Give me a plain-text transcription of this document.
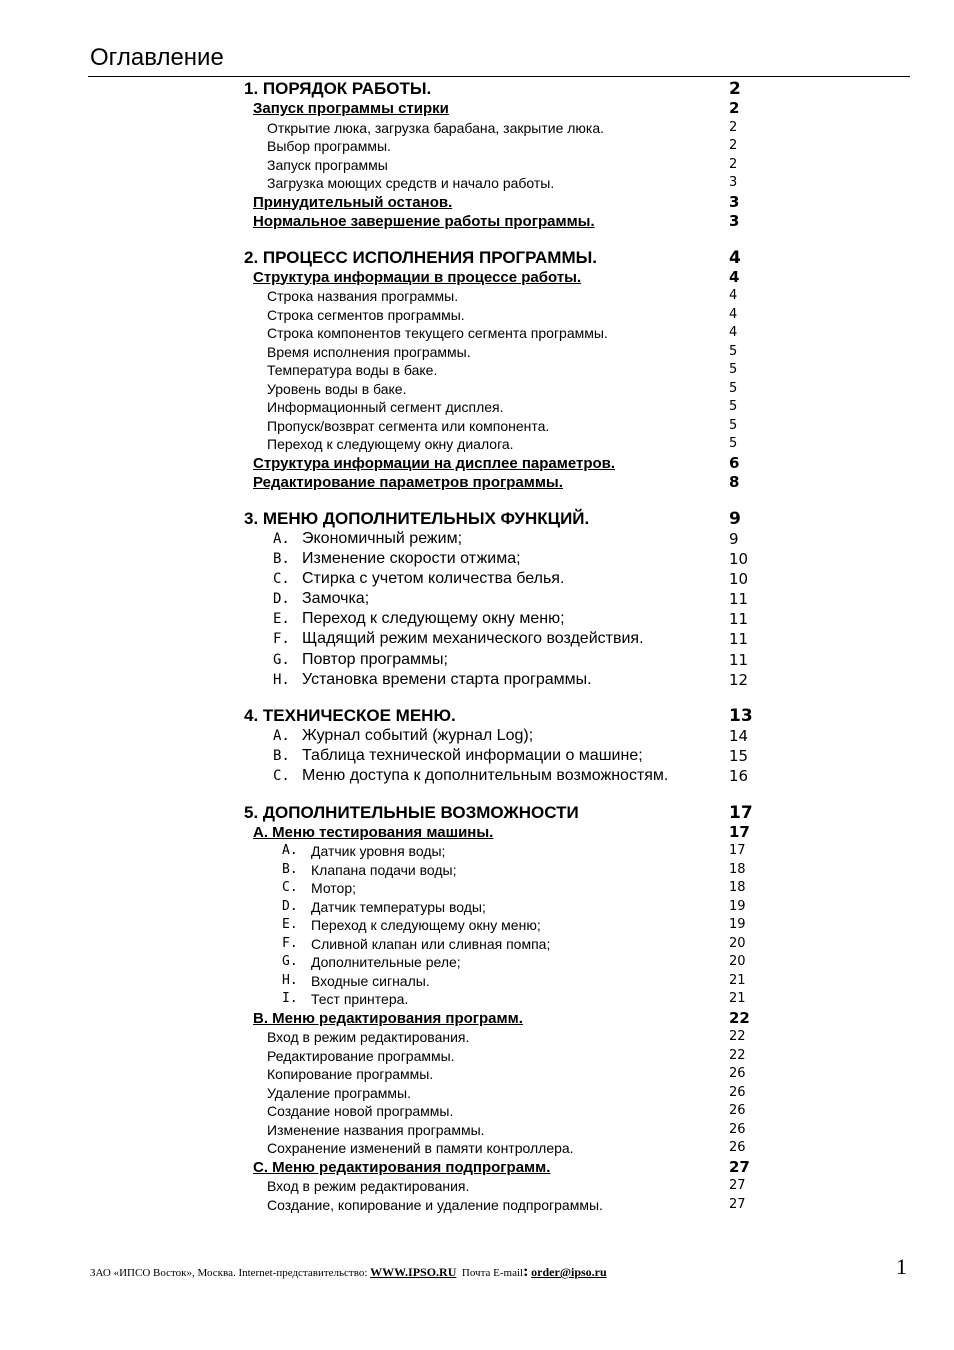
Оглавление
1. ПОРЯДОК РАБОТЫ.	2
Запуск программы стирки	2
Открытие люка, загрузка барабана, закрытие люка.	2
Выбор программы.	2
Запуск программы	2
Загрузка моющих средств и начало работы.	3
Принудительный останов.	3
Нормальное завершение работы программы.	3
2. ПРОЦЕСС ИСПОЛНЕНИЯ ПРОГРАММЫ.	4
Структура информации в процессе работы.	4
Строка названия программы.	4
Строка сегментов программы.	4
Строка компонентов текущего сегмента программы.	4
Время исполнения программы.	5
Температура воды в баке.	5
Уровень воды в баке.	5
Информационный сегмент дисплея.	5
Пропуск/возврат сегмента или компонента.	5
Переход к следующему окну диалога.	5
Структура информации на дисплее параметров.	6
Редактирование параметров программы.	8
3. МЕНЮ ДОПОЛНИТЕЛЬНЫХ ФУНКЦИЙ.	9
A. Экономичный режим;	9
B. Изменение скорости отжима;	10
C. Стирка с учетом количества белья.	10
D. Замочка;	11
E. Переход к следующему окну меню;	11
F. Щадящий режим механического воздействия.	11
G. Повтор программы;	11
H. Установка времени старта программы.	12
4. ТЕХНИЧЕСКОЕ МЕНЮ.	13
A. Журнал событий (журнал Log);	14
B. Таблица технической информации о машине;	15
C. Меню доступа к дополнительным возможностям.	16
5. ДОПОЛНИТЕЛЬНЫЕ ВОЗМОЖНОСТИ	17
A. Меню тестирования машины.	17
A. Датчик уровня воды;	17
B. Клапана подачи воды;	18
C. Мотор;	18
D. Датчик температуры воды;	19
E. Переход к следующему окну меню;	19
F. Сливной клапан или сливная помпа;	20
G. Дополнительные реле;	20
H. Входные сигналы.	21
I. Тест принтера.	21
B. Меню редактирования программ.	22
Вход в режим редактирования.	22
Редактирование программы.	22
Копирование программы.	26
Удаление программы.	26
Создание новой программы.	26
Изменение названия программы.	26
Сохранение изменений в памяти контроллера.	26
C. Меню редактирования подпрограмм.	27
Вход в режим редактирования.	27
Создание, копирование и удаление подпрограммы.	27
ЗАО «ИПСО Восток», Москва. Internet-представительство: WWW.IPSO.RU Почта E-mail: order@ipso.ru	1
